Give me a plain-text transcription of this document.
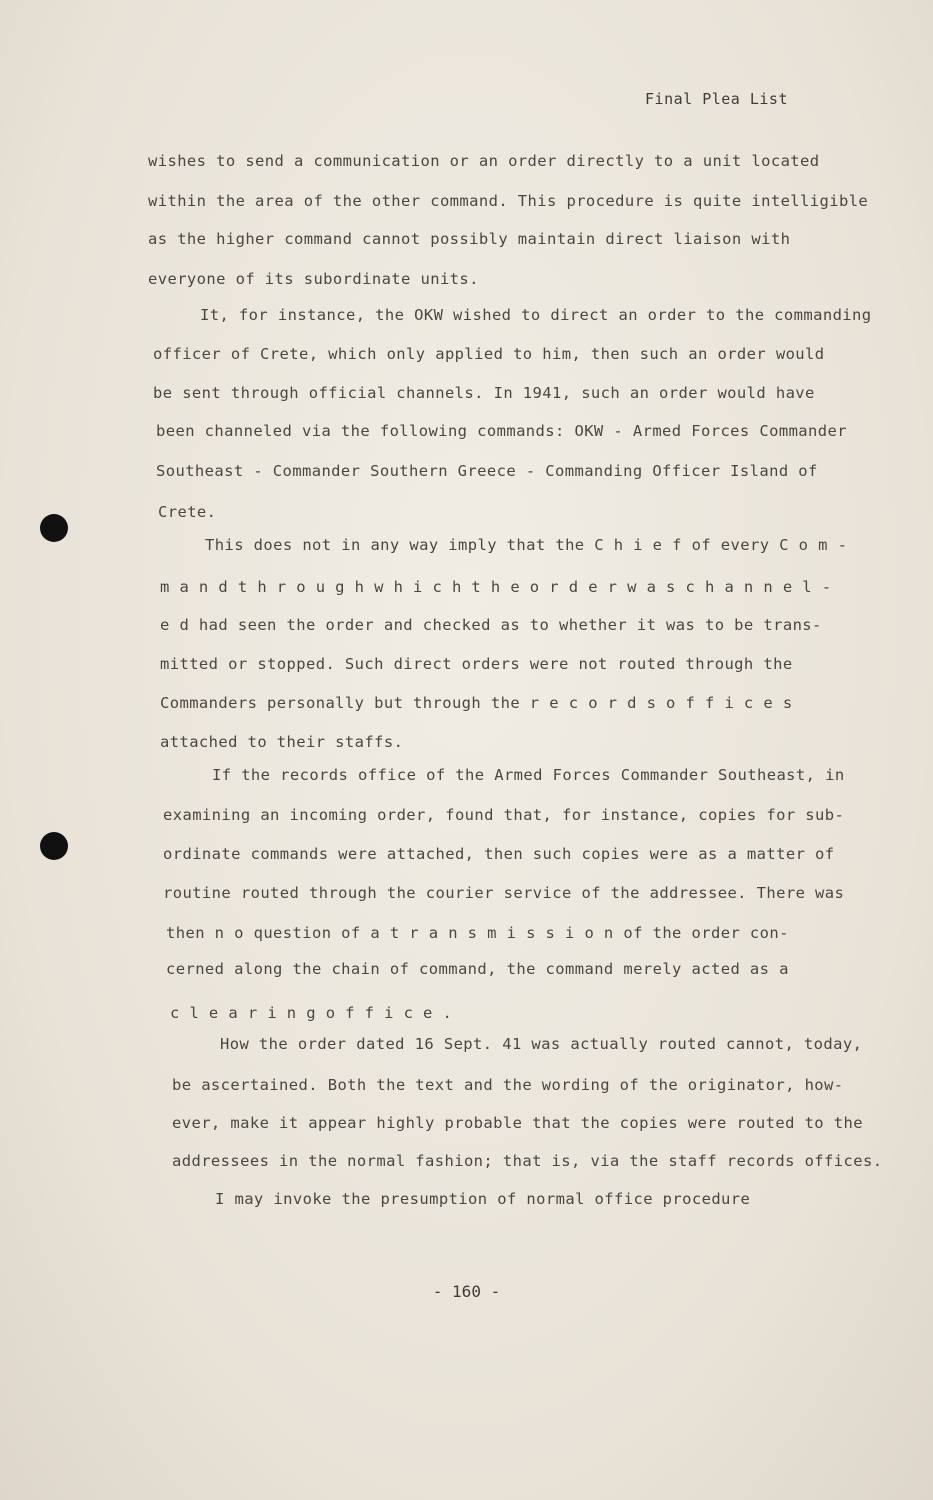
Final Plea List
wishes to send a communication or an order directly to a unit located
within the area of the other command. This procedure is quite intelligible
as the higher command cannot possibly maintain direct liaison with
everyone of its subordinate units.
It, for instance, the OKW wished to direct an order to the commanding
officer of Crete, which only applied to him, then such an order would
be sent through official channels. In 1941, such an order would have
been channeled via the following commands: OKW - Armed Forces Commander
Southeast - Commander Southern Greece - Commanding Officer Island of
Crete.
This does not in any way imply that the C h i e f of every C o m -
m a n d t h r o u g h w h i c h t h e o r d e r w a s c h a n n e l -
e d had seen the order and checked as to whether it was to be trans-
mitted or stopped. Such direct orders were not routed through the
Commanders personally but through the r e c o r d s o f f i c e s
attached to their staffs.
If the records office of the Armed Forces Commander Southeast, in
examining an incoming order, found that, for instance, copies for sub-
ordinate commands were attached, then such copies were as a matter of
routine routed through the courier service of the addressee. There was
then n o question of a t r a n s m i s s i o n of the order con-
cerned along the chain of command, the command merely acted as a
c l e a r i n g o f f i c e .
How the order dated 16 Sept. 41 was actually routed cannot, today,
be ascertained. Both the text and the wording of the originator, how-
ever, make it appear highly probable that the copies were routed to the
addressees in the normal fashion; that is, via the staff records offices.
I may invoke the presumption of normal office procedure
- 160 -
